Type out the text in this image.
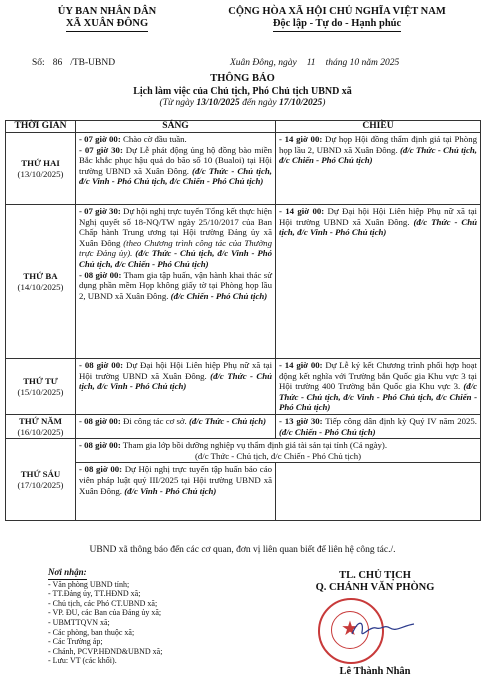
ỦY BAN NHÂN DÂN
XÃ XUÂN ĐÔNG
CỘNG HÒA XÃ HỘI CHỦ NGHĨA VIỆT NAM
Độc lập - Tự do - Hạnh phúc
Số: 86 /TB-UBND	Xuân Đông, ngày 11 tháng 10 năm 2025
THÔNG BÁO
Lịch làm việc của Chủ tịch, Phó Chủ tịch UBND xã
(Từ ngày 13/10/2025 đến ngày 17/10/2025)
THỜI GIAN	SÁNG	CHIỀU

THỨ HAI
(13/10/2025)	- 07 giờ 00: Chào cờ đầu tuần.
- 07 giờ 30: Dự Lễ phát động ủng hộ đồng bào miền Bắc khắc phục hậu quả do bão số 10 (Bualoi) tại Hội trường UBND xã Xuân Đông. (đ/c Thức - Chủ tịch, đ/c Vinh - Phó Chủ tịch, đ/c Chiến - Phó Chủ tịch)	- 14 giờ 00: Dự họp Hội đồng thẩm định giá tại Phòng họp lầu 2, UBND xã Xuân Đông. (đ/c Thức - Chủ tịch, đ/c Chiến - Phó Chủ tịch)

THỨ BA
(14/10/2025)	- 07 giờ 30: Dự hội nghị trực tuyến Tổng kết thực hiện Nghị quyết số 18-NQ/TW ngày 25/10/2017 của Ban Chấp hành Trung ương tại Hội trường Đảng ủy xã Xuân Đông (theo Chương trình công tác của Thường trực Đảng ủy). (đ/c Thức - Chủ tịch, đ/c Vinh - Phó Chủ tịch, đ/c Chiến - Phó Chủ tịch)
- 08 giờ 00: Tham gia tập huấn, vận hành khai thác sử dụng phần mềm Họp không giấy tờ tại Phòng họp lầu 2, UBND xã Xuân Đông. (đ/c Chiến - Phó Chủ tịch)	- 14 giờ 00: Dự Đại hội Hội Liên hiệp Phụ nữ xã tại Hội trường UBND xã Xuân Đông. (đ/c Thức - Chủ tịch, đ/c Vinh - Phó Chủ tịch)

THỨ TƯ
(15/10/2025)	- 08 giờ 00: Dự Đại hội Hội Liên hiệp Phụ nữ xã tại Hội trường UBND xã Xuân Đông. (đ/c Thức - Chủ tịch, đ/c Vinh - Phó Chủ tịch)	- 14 giờ 00: Dự Lễ ký kết Chương trình phối hợp hoạt động kết nghĩa với Trường bắn Quốc gia Khu vực 3 tại Hội trường 400 Trường bắn Quốc gia Khu vực 3. (đ/c Thức - Chủ tịch, đ/c Vinh - Phó Chủ tịch, đ/c Chiến - Phó Chủ tịch)

THỨ NĂM
(16/10/2025)	- 08 giờ 00: Đi công tác cơ sở. (đ/c Thức - Chủ tịch)	- 13 giờ 30: Tiếp công dân định kỳ Quý IV năm 2025. (đ/c Chiến - Phó Chủ tịch)

THỨ SÁU
(17/10/2025)	- 08 giờ 00: Tham gia lớp bồi dưỡng nghiệp vụ thẩm định giá tài sản tại tỉnh (Cả ngày).
(đ/c Thức - Chủ tịch, đ/c Chiến - Phó Chủ tịch)	

	- 08 giờ 00: Dự Hội nghị trực tuyến tập huấn báo cáo viên pháp luật quý III/2025 tại Hội trường UBND xã Xuân Đông. (đ/c Vinh - Phó Chủ tịch)	

UBND xã thông báo đến các cơ quan, đơn vị liên quan biết để liên hệ công tác./.
Nơi nhận:
- Văn phòng UBND tỉnh;
- TT.Đảng ủy, TT.HĐND xã;
- Chủ tịch, các Phó CT.UBND xã;
- VP. ĐU, các Ban của Đảng ủy xã;
- UBMTTQVN xã;
- Các phòng, ban thuộc xã;
- Các Trường áp;
- Chánh, PCVP.HĐND&UBND xã;
- Lưu: VT (các khối).
TL. CHỦ TỊCH
Q. CHÁNH VĂN PHÒNG
★
Lê Thành Nhân
